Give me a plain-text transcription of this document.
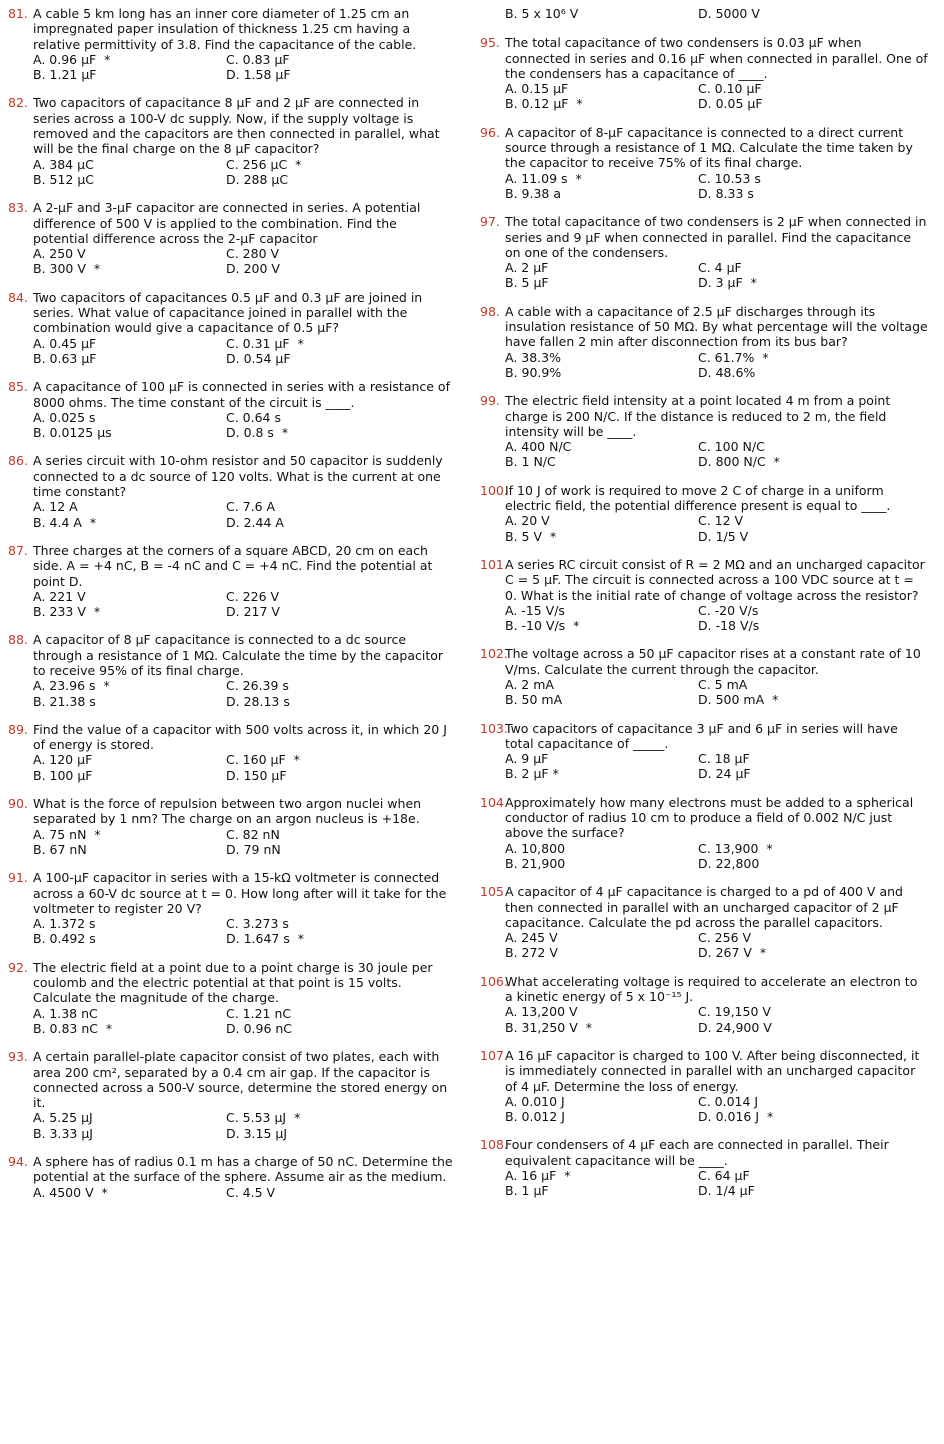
81. A cable 5 km long has an inner core diameter of 1.25 cm an impregnated paper insulation of thickness 1.25 cm having a relative permittivity of 3.8. Find the capacitance of the cable.
A. 0.96 μF  *	C. 0.83 μF
B. 1.21 μF	D. 1.58 μF
82. Two capacitors of capacitance 8 μF and 2 μF are connected in series across a 100-V dc supply. Now, if the supply voltage is removed and the capacitors are then connected in parallel, what will be the final charge on the 8 μF capacitor?
A. 384 μC	C. 256 μC  *
B. 512 μC	D. 288 μC
83. A 2-μF and 3-μF capacitor are connected in series. A potential difference of 500 V is applied to the combination. Find the potential difference across the 2-μF capacitor
A. 250 V	C. 280 V
B. 300 V  *	D. 200 V
84. Two capacitors of capacitances 0.5 μF and 0.3 μF are joined in series. What value of capacitance joined in parallel with the combination would give a capacitance of 0.5 μF?
A. 0.45 μF	C. 0.31 μF  *
B. 0.63 μF	D. 0.54 μF
85. A capacitance of 100 μF is connected in series with a resistance of 8000 ohms. The time constant of the circuit is ____.
A. 0.025 s	C. 0.64 s
B. 0.0125 μs	D. 0.8 s  *
86. A series circuit with 10-ohm resistor and 50 capacitor is suddenly connected to a dc source of 120 volts. What is the current at one time constant?
A. 12 A	C. 7.6 A
B. 4.4 A  *	D. 2.44 A
87. Three charges at the corners of a square ABCD, 20 cm on each side. A = +4 nC, B = -4 nC and C = +4 nC. Find the potential at point D.
A. 221 V	C. 226 V
B. 233 V  *	D. 217 V
88. A capacitor of 8 μF capacitance is connected to a dc source through a resistance of 1 MΩ. Calculate the time by the capacitor to receive 95% of its final charge.
A. 23.96 s  *	C. 26.39 s
B. 21.38 s	D. 28.13 s
89. Find the value of a capacitor with 500 volts across it, in which 20 J of energy is stored.
A. 120 μF	C. 160 μF  *
B. 100 μF	D. 150 μF
90. What is the force of repulsion between two argon nuclei when separated by 1 nm? The charge on an argon nucleus is +18e.
A. 75 nN  *	C. 82 nN
B. 67 nN	D. 79 nN
91. A 100-μF capacitor in series with a 15-kΩ voltmeter is connected across a 60-V dc source at t = 0. How long after will it take for the voltmeter to register 20 V?
A. 1.372 s	C. 3.273 s
B. 0.492 s	D. 1.647 s  *
92. The electric field at a point due to a point charge is 30 joule per coulomb and the electric potential at that point is 15 volts. Calculate the magnitude of the charge.
A. 1.38 nC	C. 1.21 nC
B. 0.83 nC  *	D. 0.96 nC
93. A certain parallel-plate capacitor consist of two plates, each with area 200 cm², separated by a 0.4 cm air gap. If the capacitor is connected across a 500-V source, determine the stored energy on it.
A. 5.25 μJ	C. 5.53 μJ  *
B. 3.33 μJ	D. 3.15 μJ
94. A sphere has of radius 0.1 m has a charge of 50 nC. Determine the potential at the surface of the sphere. Assume air as the medium.
A. 4500 V  *	C. 4.5 V
B. 5 x 10⁶ V	D. 5000 V
95. The total capacitance of two condensers is 0.03 μF when connected in series and 0.16 μF when connected in parallel. One of the condensers has a capacitance of ____.
A. 0.15 μF	C. 0.10 μF
B. 0.12 μF  *	D. 0.05 μF
96. A capacitor of 8-μF capacitance is connected to a direct current source through a resistance of 1 MΩ. Calculate the time taken by the capacitor to receive 75% of its final charge.
A. 11.09 s  *	C. 10.53 s
B. 9.38 a	D. 8.33 s
97. The total capacitance of two condensers is 2 μF when connected in series and 9 μF when connected in parallel. Find the capacitance on one of the condensers.
A. 2 μF	C. 4 μF
B. 5 μF	D. 3 μF  *
98. A cable with a capacitance of 2.5 μF discharges through its insulation resistance of 50 MΩ. By what percentage will the voltage have fallen 2 min after disconnection from its bus bar?
A. 38.3%	C. 61.7%  *
B. 90.9%	D. 48.6%
99. The electric field intensity at a point located 4 m from a point charge is 200 N/C. If the distance is reduced to 2 m, the field intensity will be ____.
A. 400 N/C	C. 100 N/C
B. 1 N/C	D. 800 N/C  *
100.
If 10 J of work is required to move 2 C of charge in a uniform electric field, the potential difference present is equal to ____.
A. 20 V	C. 12 V
B. 5 V  *	D. 1/5 V
101.
A series RC circuit consist of R = 2 MΩ and an uncharged capacitor C = 5 μF. The circuit is connected across a 100 VDC source at t = 0. What is the initial rate of change of voltage across the resistor?
A. -15 V/s	C. -20 V/s
B. -10 V/s  *	D. -18 V/s
102.
The voltage across a 50 μF capacitor rises at a constant rate of 10 V/ms. Calculate the current through the capacitor.
A. 2 mA	C. 5 mA
B. 50 mA	D. 500 mA  *
103.
Two capacitors of capacitance 3 μF and 6 μF in series will have total capacitance of _____.
A. 9 μF	C. 18 μF
B. 2 μF *	D. 24 μF
104.
Approximately how many electrons must be added to a spherical conductor of radius 10 cm to produce a field of 0.002 N/C just above the surface?
A. 10,800	C. 13,900  *
B. 21,900	D. 22,800
105.
A capacitor of 4 μF capacitance is charged to a pd of 400 V and then connected in parallel with an uncharged capacitor of 2 μF capacitance. Calculate the pd across the parallel capacitors.
A. 245 V	C. 256 V
B. 272 V	D. 267 V  *
106.
What accelerating voltage is required to accelerate an electron to a kinetic energy of 5 x 10⁻¹⁵ J.
A. 13,200 V	C. 19,150 V
B. 31,250 V  *	D. 24,900 V
107.
A 16 μF capacitor is charged to 100 V. After being disconnected, it is immediately connected in parallel with an uncharged capacitor of 4 μF. Determine the loss of energy.
A. 0.010 J	C. 0.014 J
B. 0.012 J	D. 0.016 J  *
108.
Four condensers of 4 μF each are connected in parallel. Their equivalent capacitance will be ____.
A. 16 μF  *	C. 64 μF
B. 1 μF	D. 1/4 μF
